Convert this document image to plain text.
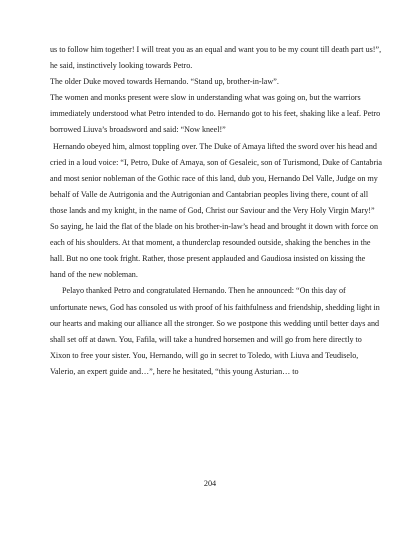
us to follow him together! I will treat you as an equal and want you to be my count till death part us!”, he said, instinctively looking towards Petro.

The older Duke moved towards Hernando. “Stand up, brother-in-law”.

The women and monks present were slow in understanding what was going on, but the warriors immediately understood what Petro intended to do. Hernando got to his feet, shaking like a leaf. Petro borrowed Liuva’s broadsword and said: “Now kneel!”

Hernando obeyed him, almost toppling over. The Duke of Amaya lifted the sword over his head and cried in a loud voice: “I, Petro, Duke of Amaya, son of Gesaleic, son of Turismond, Duke of Cantabria and most senior nobleman of the Gothic race of this land, dub you, Hernando Del Valle, Judge on my behalf of Valle de Autrigonia and the Autrigonian and Cantabrian peoples living there, count of all those lands and my knight, in the name of God, Christ our Saviour and the Very Holy Virgin Mary!”

So saying, he laid the flat of the blade on his brother-in-law’s head and brought it down with force on each of his shoulders. At that moment, a thunderclap resounded outside, shaking the benches in the hall. But no one took fright. Rather, those present applauded and Gaudiosa insisted on kissing the hand of the new nobleman.

Pelayo thanked Petro and congratulated Hernando. Then he announced: “On this day of unfortunate news, God has consoled us with proof of his faithfulness and friendship, shedding light in our hearts and making our alliance all the stronger. So we postpone this wedding until better days and shall set off at dawn. You, Fafila, will take a hundred horsemen and will go from here directly to Xixon to free your sister. You, Hernando, will go in secret to Toledo, with Liuva and Teudiselo, Valerio, an expert guide and…”, here he hesitated, “this young Asturian… to

204
